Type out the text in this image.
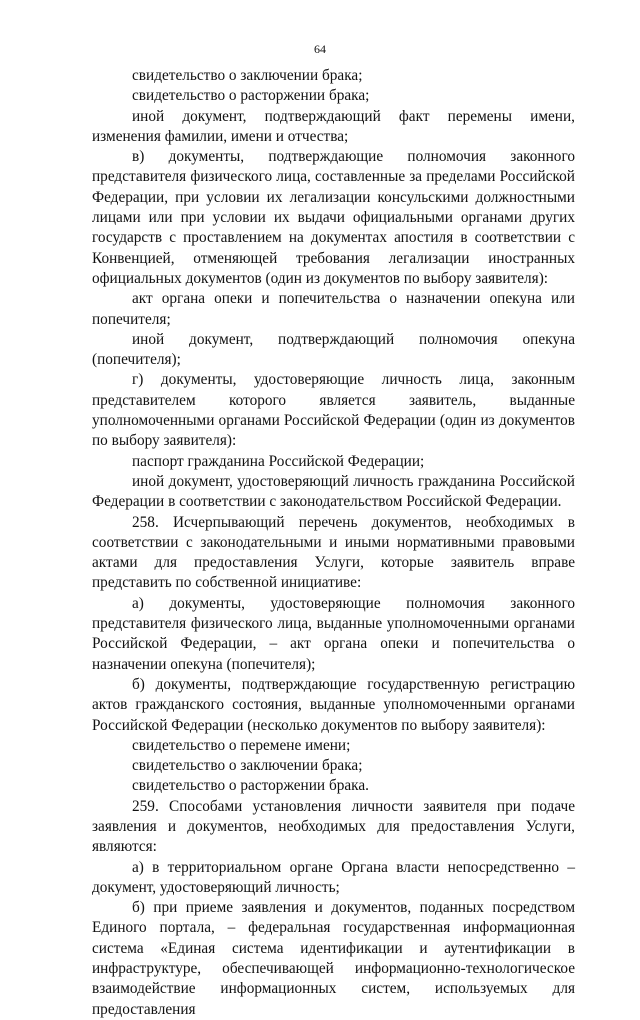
64

свидетельство о заключении брака;

свидетельство о расторжении брака;

иной документ, подтверждающий факт перемены имени, изменения фамилии, имени и отчества;

в) документы, подтверждающие полномочия законного представителя физического лица, составленные за пределами Российской Федерации, при условии их легализации консульскими должностными лицами или при условии их выдачи официальными органами других государств с проставлением на документах апостиля в соответствии с Конвенцией, отменяющей требования легализации иностранных официальных документов (один из документов по выбору заявителя):

акт органа опеки и попечительства о назначении опекуна или попечителя;

иной документ, подтверждающий полномочия опекуна (попечителя);

г) документы, удостоверяющие личность лица, законным представителем которого является заявитель, выданные уполномоченными органами Российской Федерации (один из документов по выбору заявителя):

паспорт гражданина Российской Федерации;

иной документ, удостоверяющий личность гражданина Российской Федерации в соответствии с законодательством Российской Федерации.

258. Исчерпывающий перечень документов, необходимых в соответствии с законодательными и иными нормативными правовыми актами для предоставления Услуги, которые заявитель вправе представить по собственной инициативе:

а) документы, удостоверяющие полномочия законного представителя физического лица, выданные уполномоченными органами Российской Федерации, – акт органа опеки и попечительства о назначении опекуна (попечителя);

б) документы, подтверждающие государственную регистрацию актов гражданского состояния, выданные уполномоченными органами Российской Федерации (несколько документов по выбору заявителя):

свидетельство о перемене имени;

свидетельство о заключении брака;

свидетельство о расторжении брака.

259. Способами установления личности заявителя при подаче заявления и документов, необходимых для предоставления Услуги, являются:

а) в территориальном органе Органа власти непосредственно – документ, удостоверяющий личность;

б) при приеме заявления и документов, поданных посредством Единого портала, – федеральная государственная информационная система «Единая система идентификации и аутентификации в инфраструктуре, обеспечивающей информационно-технологическое взаимодействие информационных систем, используемых для предоставления
